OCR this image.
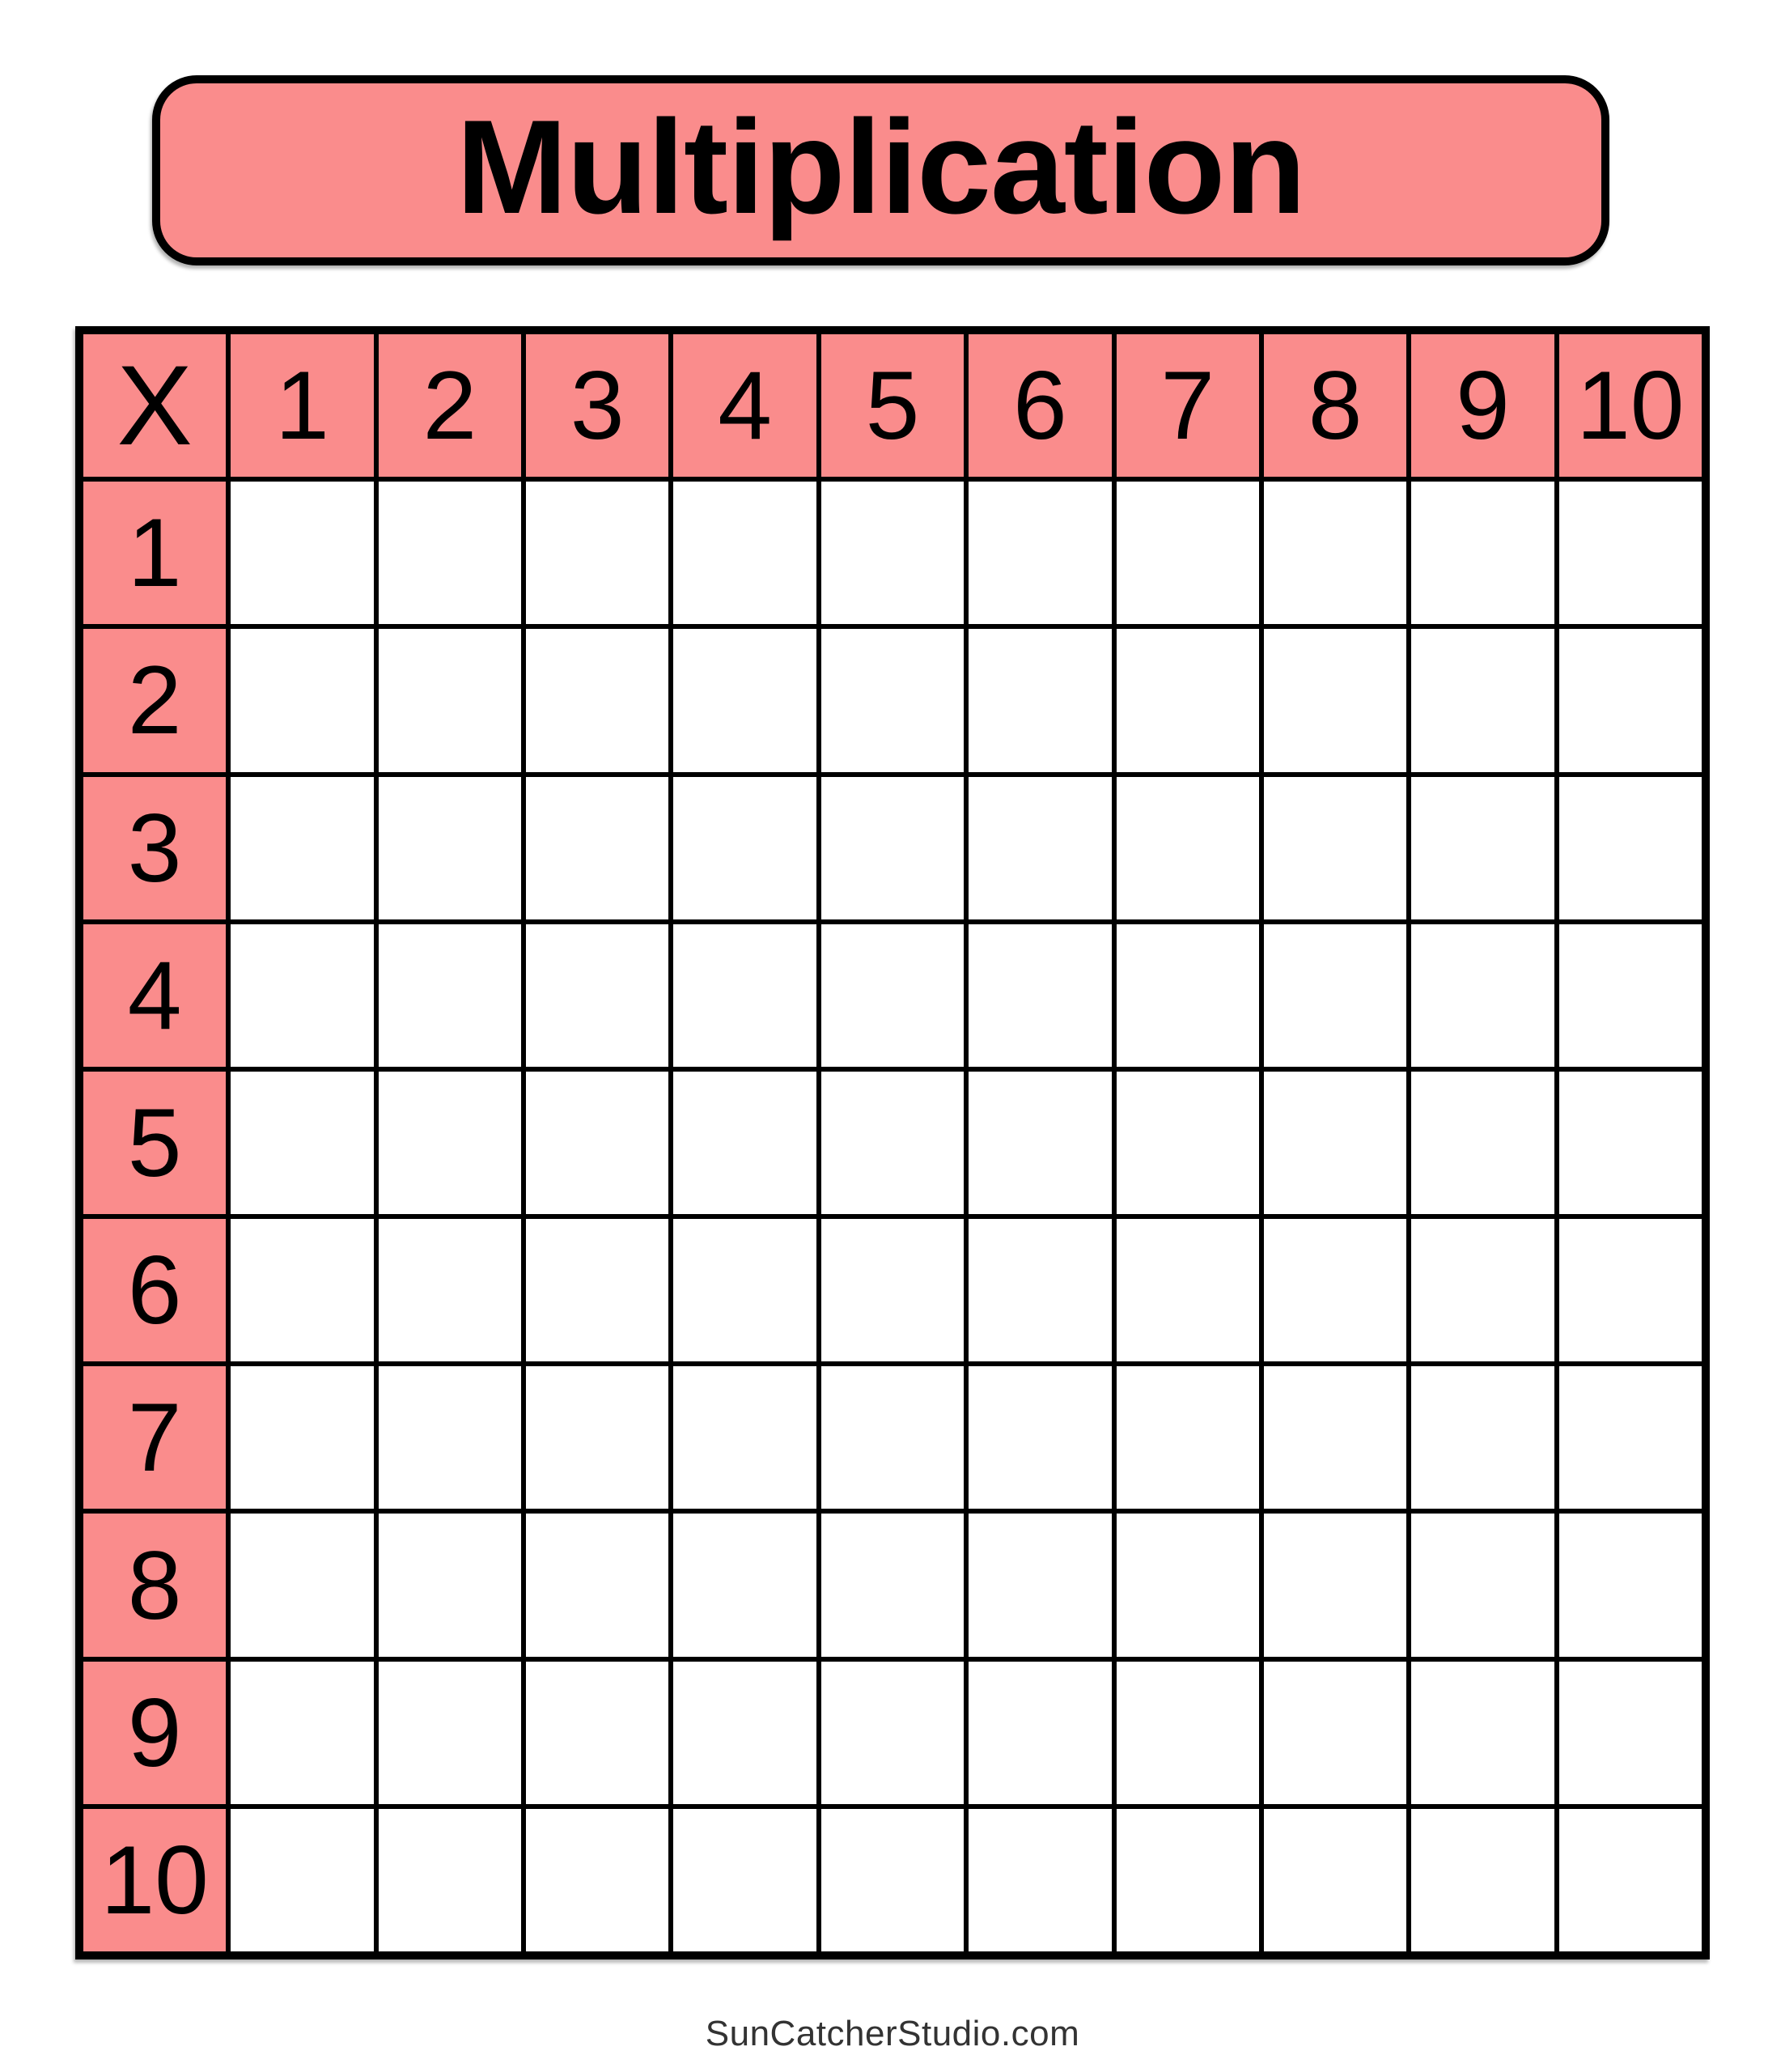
Multiplication
X 1 2 3 4 5 6 7 8 9 10
1
2
3
4
5
6
7
8
9
10
SunCatcherStudio.com
